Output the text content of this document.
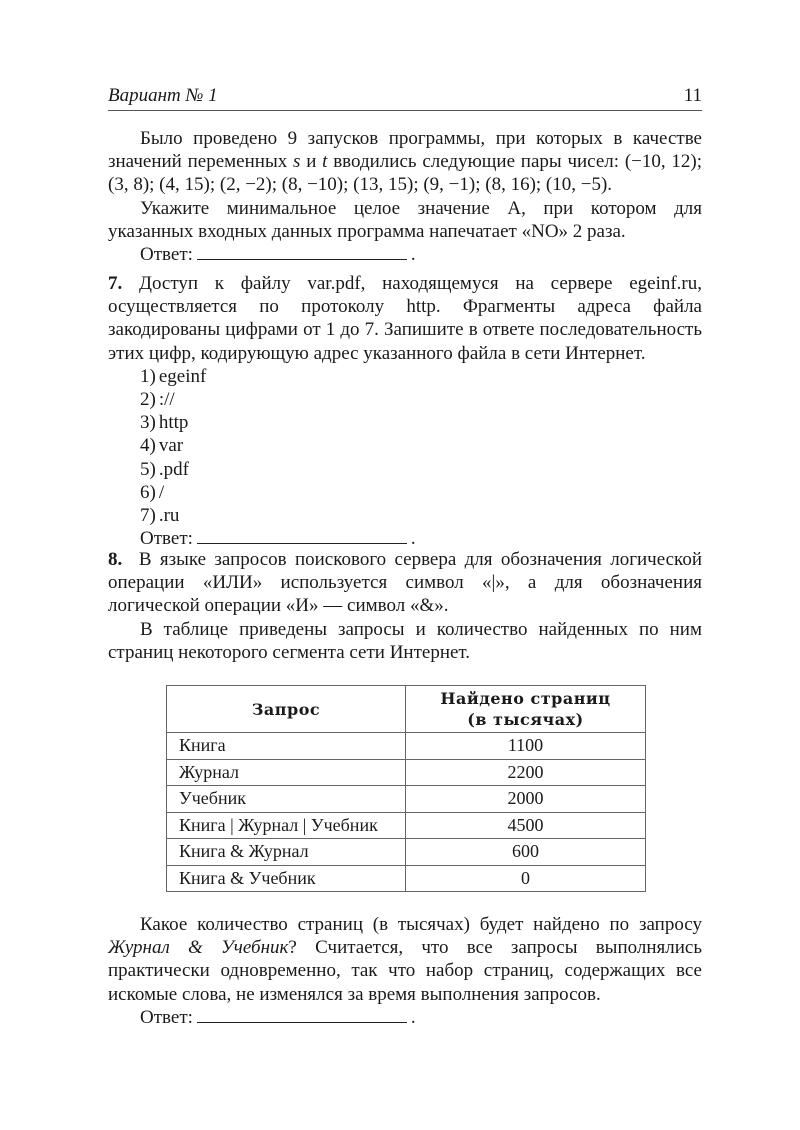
Вариант № 1	11

Было проведено 9 запусков программы, при которых в качестве значений переменных s и t вводились следующие пары чисел: (−10, 12); (3, 8); (4, 15); (2, −2); (8, −10); (13, 15); (9, −1); (8, 16); (10, −5).

Укажите минимальное целое значение A, при котором для указанных входных данных программа напечатает «NO» 2 раза.

Ответ:	.

7. Доступ к файлу var.pdf, находящемуся на сервере egeinf.ru, осуществляется по протоколу http. Фрагменты адреса файла закодированы цифрами от 1 до 7. Запишите в ответе последовательность этих цифр, кодирующую адрес указанного файла в сети Интернет.

1) egeinf
2) ://
3) http
4) var
5) .pdf
6) /
7) .ru
Ответ:	.

8. В языке запросов поискового сервера для обозначения логической операции «ИЛИ» используется символ «|», а для обозначения логической операции «И» — символ «&».

В таблице приведены запросы и количество найденных по ним страниц некоторого сегмента сети Интернет.

Запрос	Найдено страниц
(в тысячах)
Книга	1100
Журнал	2200
Учебник	2000
Книга | Журнал | Учебник	4500
Книга & Журнал	600
Книга & Учебник	0

Какое количество страниц (в тысячах) будет найдено по запросу Журнал & Учебник? Считается, что все запросы выполнялись практически одновременно, так что набор страниц, содержащих все искомые слова, не изменялся за время выполнения запросов.

Ответ:	.
